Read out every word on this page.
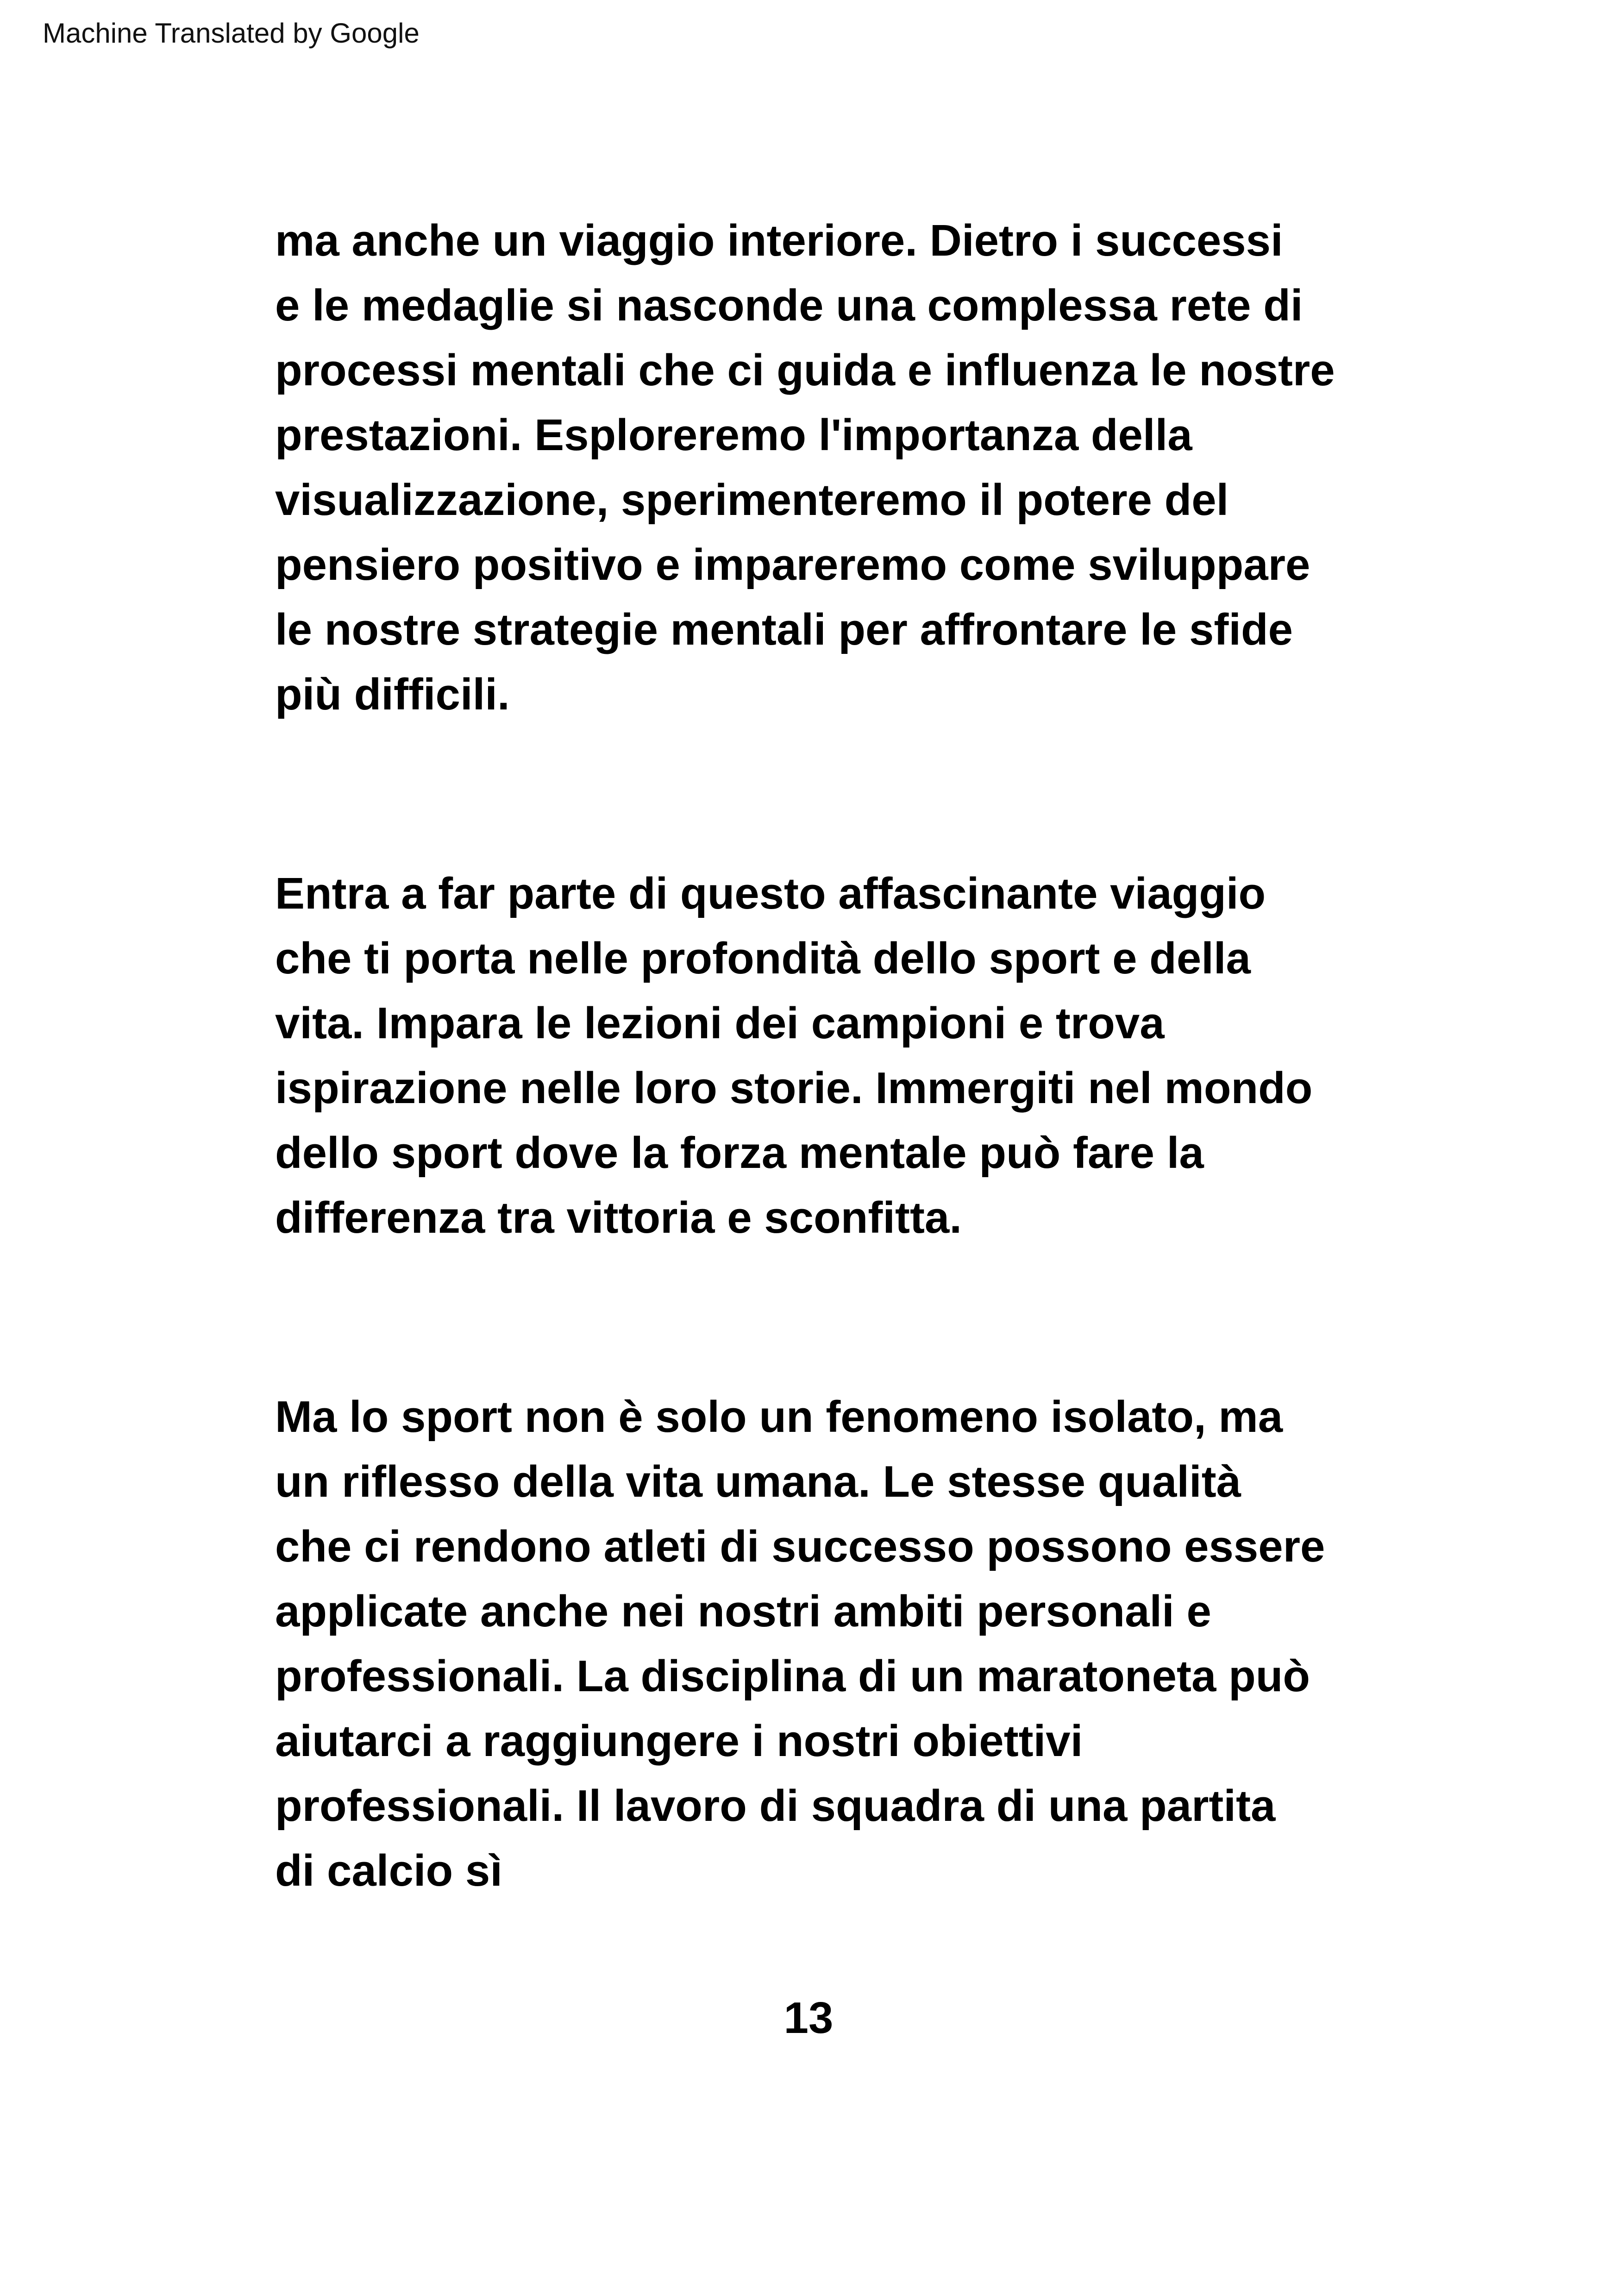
Machine Translated by Google
ma anche un viaggio interiore. Dietro i successi
e le medaglie si nasconde una complessa rete di
processi mentali che ci guida e influenza le nostre
prestazioni. Esploreremo l'importanza della
visualizzazione, sperimenteremo il potere del
pensiero positivo e impareremo come sviluppare
le nostre strategie mentali per affrontare le sfide
più difficili.
Entra a far parte di questo affascinante viaggio
che ti porta nelle profondità dello sport e della
vita. Impara le lezioni dei campioni e trova
ispirazione nelle loro storie. Immergiti nel mondo
dello sport dove la forza mentale può fare la
differenza tra vittoria e sconfitta.
Ma lo sport non è solo un fenomeno isolato, ma
un riflesso della vita umana. Le stesse qualità
che ci rendono atleti di successo possono essere
applicate anche nei nostri ambiti personali e
professionali. La disciplina di un maratoneta può
aiutarci a raggiungere i nostri obiettivi
professionali. Il lavoro di squadra di una partita
di calcio sì
13
